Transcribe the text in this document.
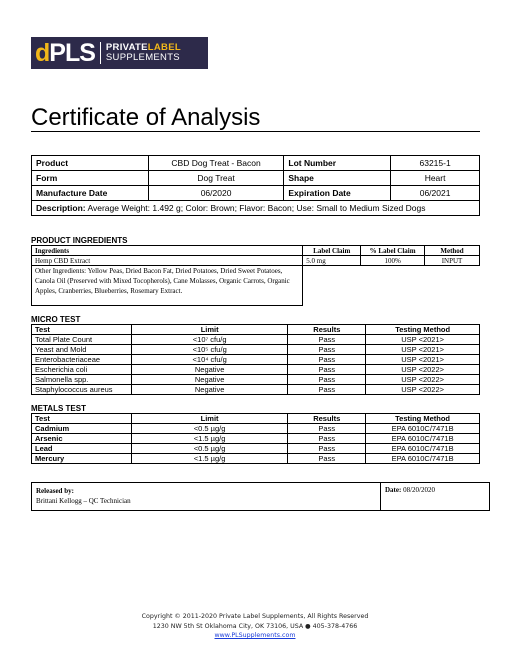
dPLS PRIVATELABEL
SUPPLEMENTS
Certificate of Analysis
Product	CBD Dog Treat - Bacon	Lot Number	63215-1
Form	Dog Treat	Shape	Heart
Manufacture Date	06/2020	Expiration Date	06/2021
Description: Average Weight: 1.492 g; Color: Brown; Flavor: Bacon; Use: Small to Medium Sized Dogs			
PRODUCT INGREDIENTS
Ingredients	Label Claim	% Label Claim	Method
Hemp CBD Extract	5.0 mg	100%	INPUT
Other Ingredients: Yellow Peas, Dried Bacon Fat, Dried Potatoes, Dried Sweet Potatoes, Canola Oil (Preserved with Mixed Tocopherols), Cane Molasses, Organic Carrots, Organic Apples, Cranberries, Blueberries, Rosemary Extract.			
MICRO TEST
Test	Limit	Results	Testing Method
Total Plate Count	<10⁷ cfu/g	Pass	USP <2021>
Yeast and Mold	<10⁵ cfu/g	Pass	USP <2021>
Enterobacteriaceae	<10⁴ cfu/g	Pass	USP <2021>
Escherichia coli	Negative	Pass	USP <2022>
Salmonella spp.	Negative	Pass	USP <2022>
Staphylococcus aureus	Negative	Pass	USP <2022>
METALS TEST
Test	Limit	Results	Testing Method
Cadmium	<0.5 µg/g	Pass	EPA 6010C/7471B
Arsenic	<1.5 µg/g	Pass	EPA 6010C/7471B
Lead	<0.5 µg/g	Pass	EPA 6010C/7471B
Mercury	<1.5 µg/g	Pass	EPA 6010C/7471B
Released by:
Brittani Kellogg – QC Technician
Date: 08/20/2020
Copyright © 2011-2020 Private Label Supplements, All Rights Reserved
1230 NW 5th St Oklahoma City, OK 73106, USA ● 405-378-4766
www.PLSupplements.com
